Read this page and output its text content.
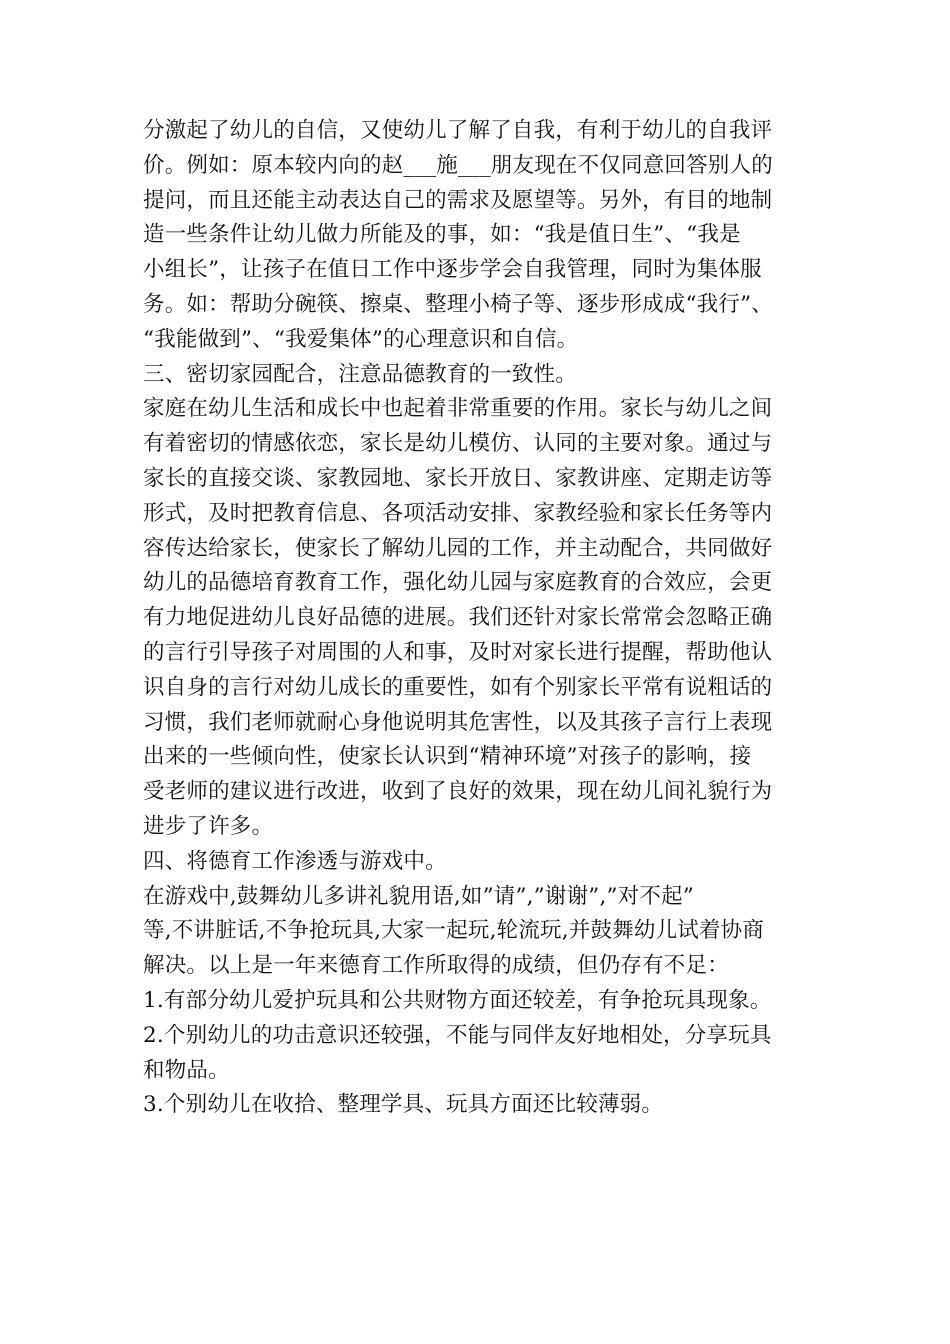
分激起了幼儿的自信，又使幼儿了解了自我，有利于幼儿的自我评
价。例如：原本较内向的赵___施___朋友现在不仅同意回答别人的
提问，而且还能主动表达自己的需求及愿望等。另外，有目的地制
造一些条件让幼儿做力所能及的事，如：“我是值日生”、“我是
小组长”，让孩子在值日工作中逐步学会自我管理，同时为集体服
务。如：帮助分碗筷、擦桌、整理小椅子等、逐步形成成“我行”、
“我能做到”、“我爱集体”的心理意识和自信。
三、密切家园配合，注意品德教育的一致性。
家庭在幼儿生活和成长中也起着非常重要的作用。家长与幼儿之间
有着密切的情感依恋，家长是幼儿模仿、认同的主要对象。通过与
家长的直接交谈、家教园地、家长开放日、家教讲座、定期走访等
形式，及时把教育信息、各项活动安排、家教经验和家长任务等内
容传达给家长，使家长了解幼儿园的工作，并主动配合，共同做好
幼儿的品德培育教育工作，强化幼儿园与家庭教育的合效应，会更
有力地促进幼儿良好品德的进展。我们还针对家长常常会忽略正确
的言行引导孩子对周围的人和事，及时对家长进行提醒，帮助他认
识自身的言行对幼儿成长的重要性，如有个别家长平常有说粗话的
习惯，我们老师就耐心身他说明其危害性，以及其孩子言行上表现
出来的一些倾向性，使家长认识到“精神环境”对孩子的影响，接
受老师的建议进行改进，收到了良好的效果，现在幼儿间礼貌行为
进步了许多。
四、将德育工作渗透与游戏中。
在游戏中,鼓舞幼儿多讲礼貌用语,如”请”,”谢谢”,”对不起”
等,不讲脏话,不争抢玩具,大家一起玩,轮流玩,并鼓舞幼儿试着协商
解决。以上是一年来德育工作所取得的成绩，但仍存有不足：
1.有部分幼儿爱护玩具和公共财物方面还较差，有争抢玩具现象。
2.个别幼儿的功击意识还较强，不能与同伴友好地相处，分享玩具
和物品。
3.个别幼儿在收拾、整理学具、玩具方面还比较薄弱。
